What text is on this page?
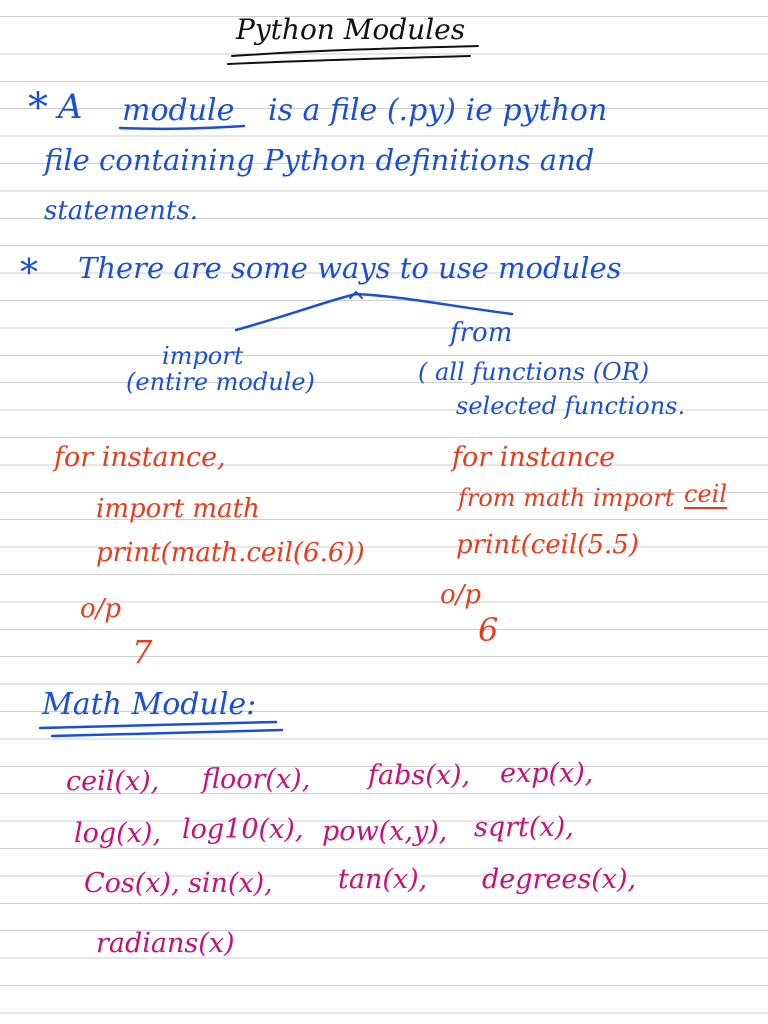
Python Modules
* A module is a file (.py) ie python
file containing Python definitions and
statements.
* There are some ways to use modules
import
(entire module)
from
( all functions (OR)
selected functions.
for instance,
import math
print(math.ceil(6.6))
o/p
7
for instance
from math import ceil
print(ceil(5.5)
o/p
6
Math Module:
ceil(x), floor(x), fabs(x), exp(x),
log(x), log10(x), pow(x,y), sqrt(x),
Cos(x), sin(x), tan(x), degrees(x),
radians(x)
